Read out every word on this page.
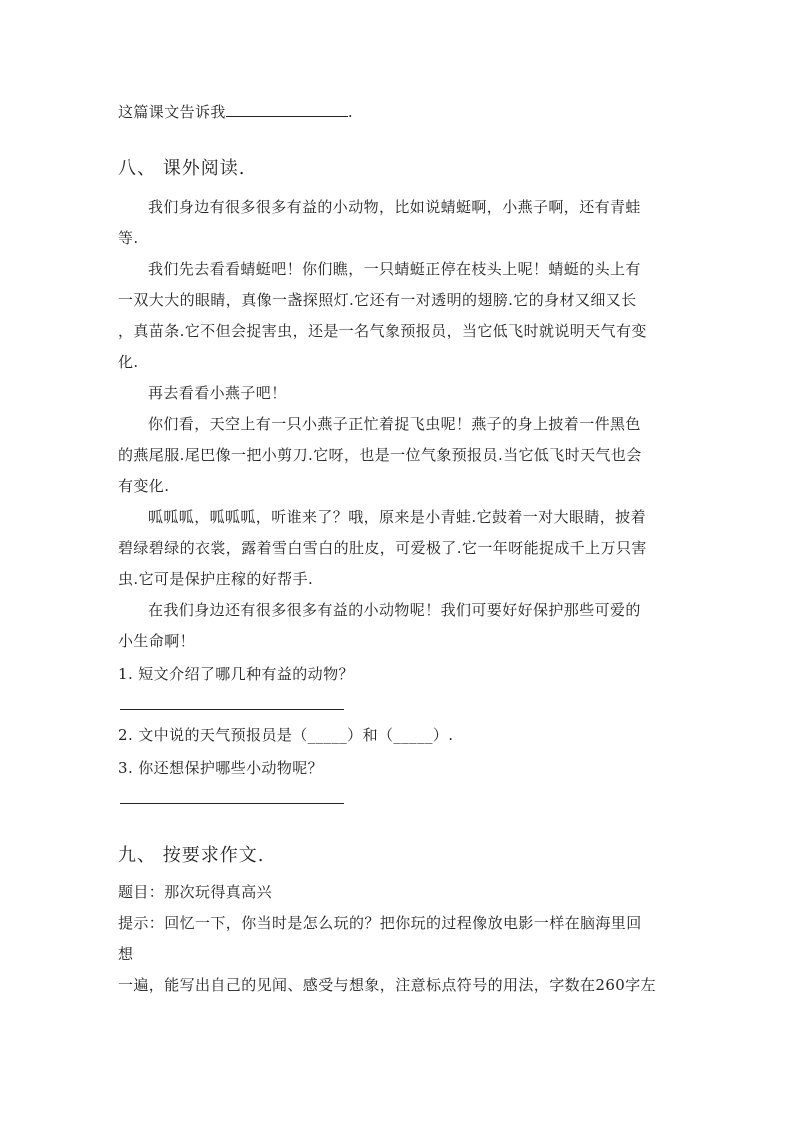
这篇课文告诉我	.
八、 课外阅读.
我们身边有很多很多有益的小动物，比如说蜻蜓啊，小燕子啊，还有青蛙
等.
我们先去看看蜻蜓吧！你们瞧，一只蜻蜓正停在枝头上呢！蜻蜓的头上有
一双大大的眼睛，真像一盏探照灯.它还有一对透明的翅膀.它的身材又细又长
，真苗条.它不但会捉害虫，还是一名气象预报员，当它低飞时就说明天气有变
化.
再去看看小燕子吧！
你们看，天空上有一只小燕子正忙着捉飞虫呢！燕子的身上披着一件黑色
的燕尾服.尾巴像一把小剪刀.它呀，也是一位气象预报员.当它低飞时天气也会
有变化.
呱呱呱，呱呱呱，听谁来了？哦，原来是小青蛙.它鼓着一对大眼睛，披着
碧绿碧绿的衣裳，露着雪白雪白的肚皮，可爱极了.它一年呀能捉成千上万只害
虫.它可是保护庄稼的好帮手.
在我们身边还有很多很多有益的小动物呢！我们可要好好保护那些可爱的
小生命啊！
1. 短文介绍了哪几种有益的动物？
2. 文中说的天气预报员是（_____）和（_____）.
3. 你还想保护哪些小动物呢？
九、 按要求作文.
题目：那次玩得真高兴
提示：回忆一下，你当时是怎么玩的？把你玩的过程像放电影一样在脑海里回
想
一遍，能写出自己的见闻、感受与想象，注意标点符号的用法，字数在260字左
